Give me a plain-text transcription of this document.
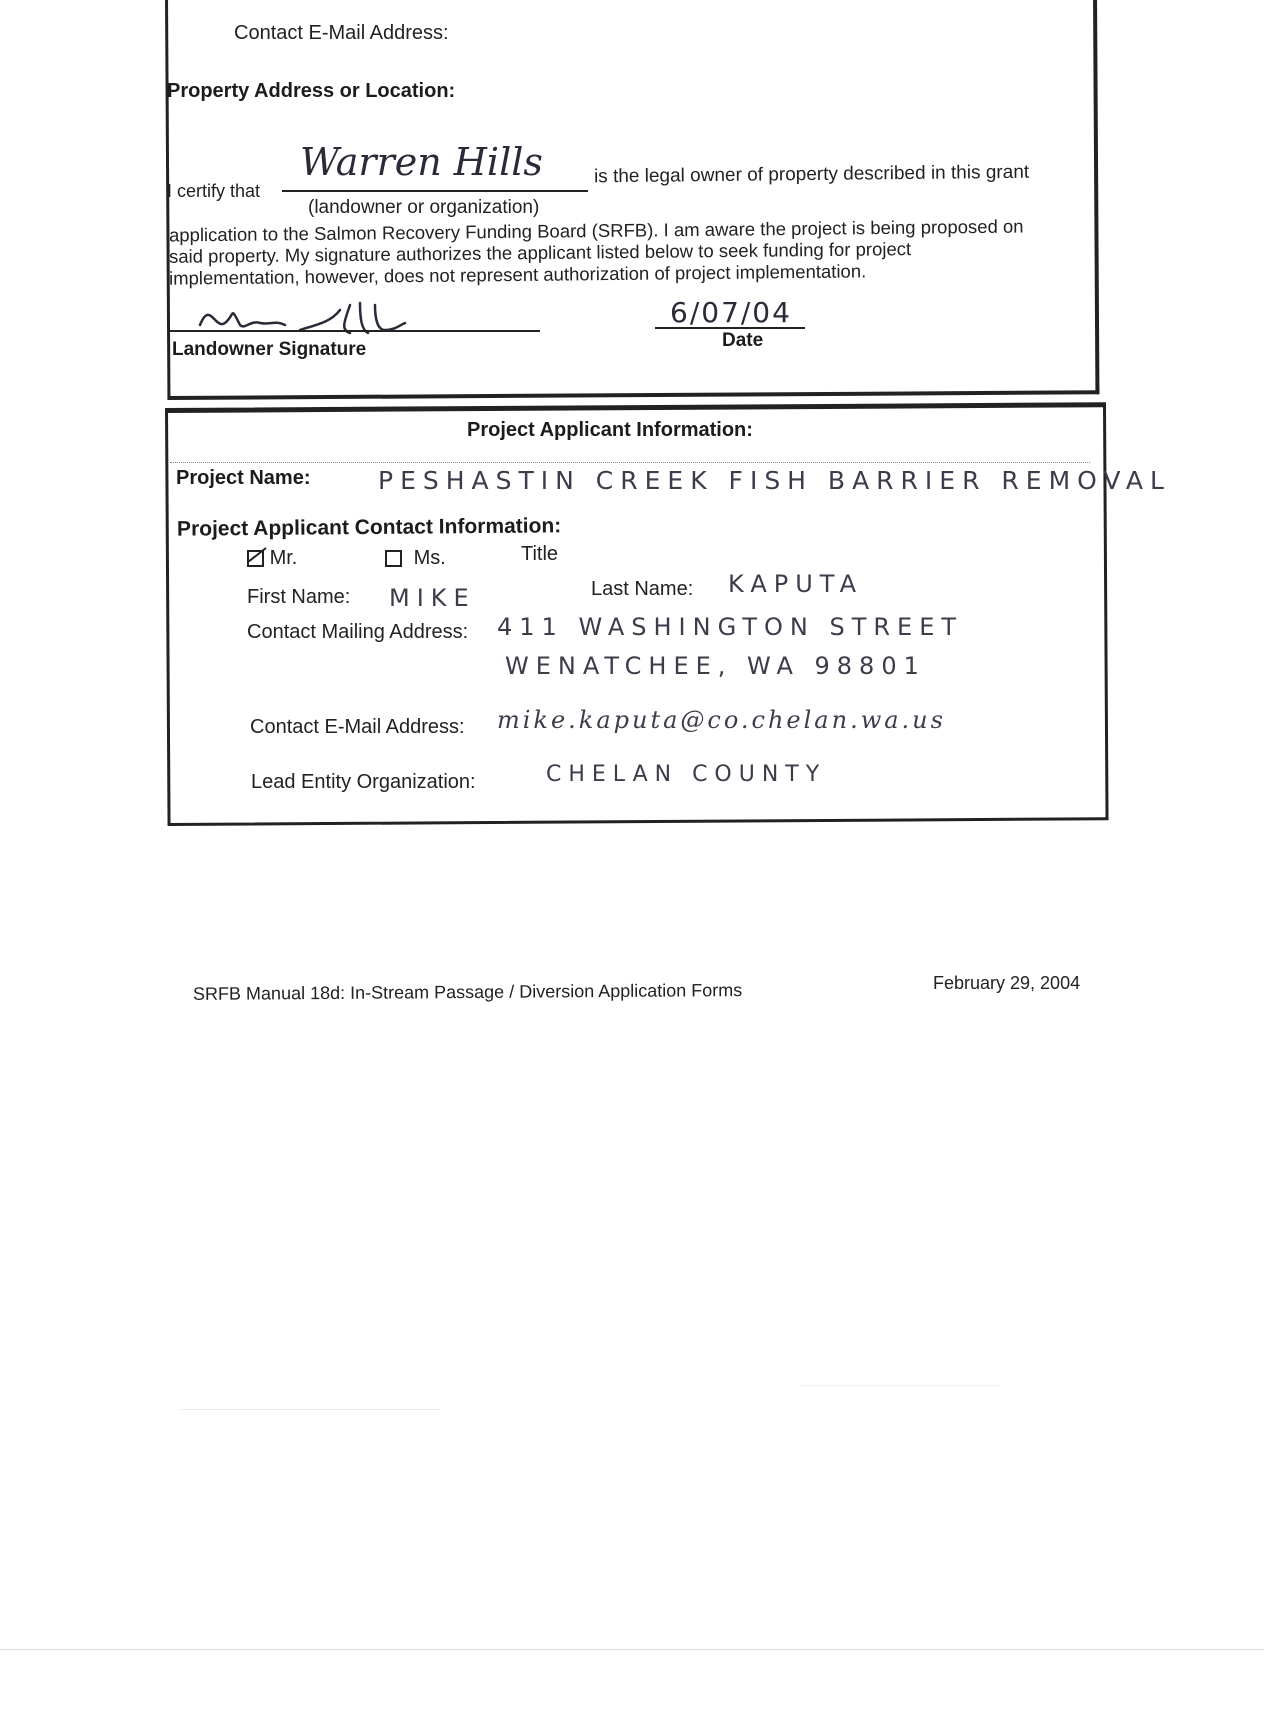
Contact E-Mail Address:
Property Address or Location:
I certify that
Warren Hills	is the legal owner of property described in this grant
(landowner or organization)
application to the Salmon Recovery Funding Board (SRFB). I am aware the project is being proposed on
said property. My signature authorizes the applicant listed below to seek funding for project
implementation, however, does not represent authorization of project implementation.
Landowner Signature
6/07/04
Date
Project Applicant Information:
Project Name:	PESHASTIN CREEK FISH BARRIER REMOVAL
Project Applicant Contact Information:
Mr.	Ms.	Title
First Name: MIKE	Last Name: KAPUTA
Contact Mailing Address: 411 WASHINGTON STREET
WENATCHEE, WA 98801
Contact E-Mail Address: mike.kaputa@co.chelan.wa.us
Lead Entity Organization:	CHELAN COUNTY
SRFB Manual 18d: In-Stream Passage / Diversion Application Forms	February 29, 2004
